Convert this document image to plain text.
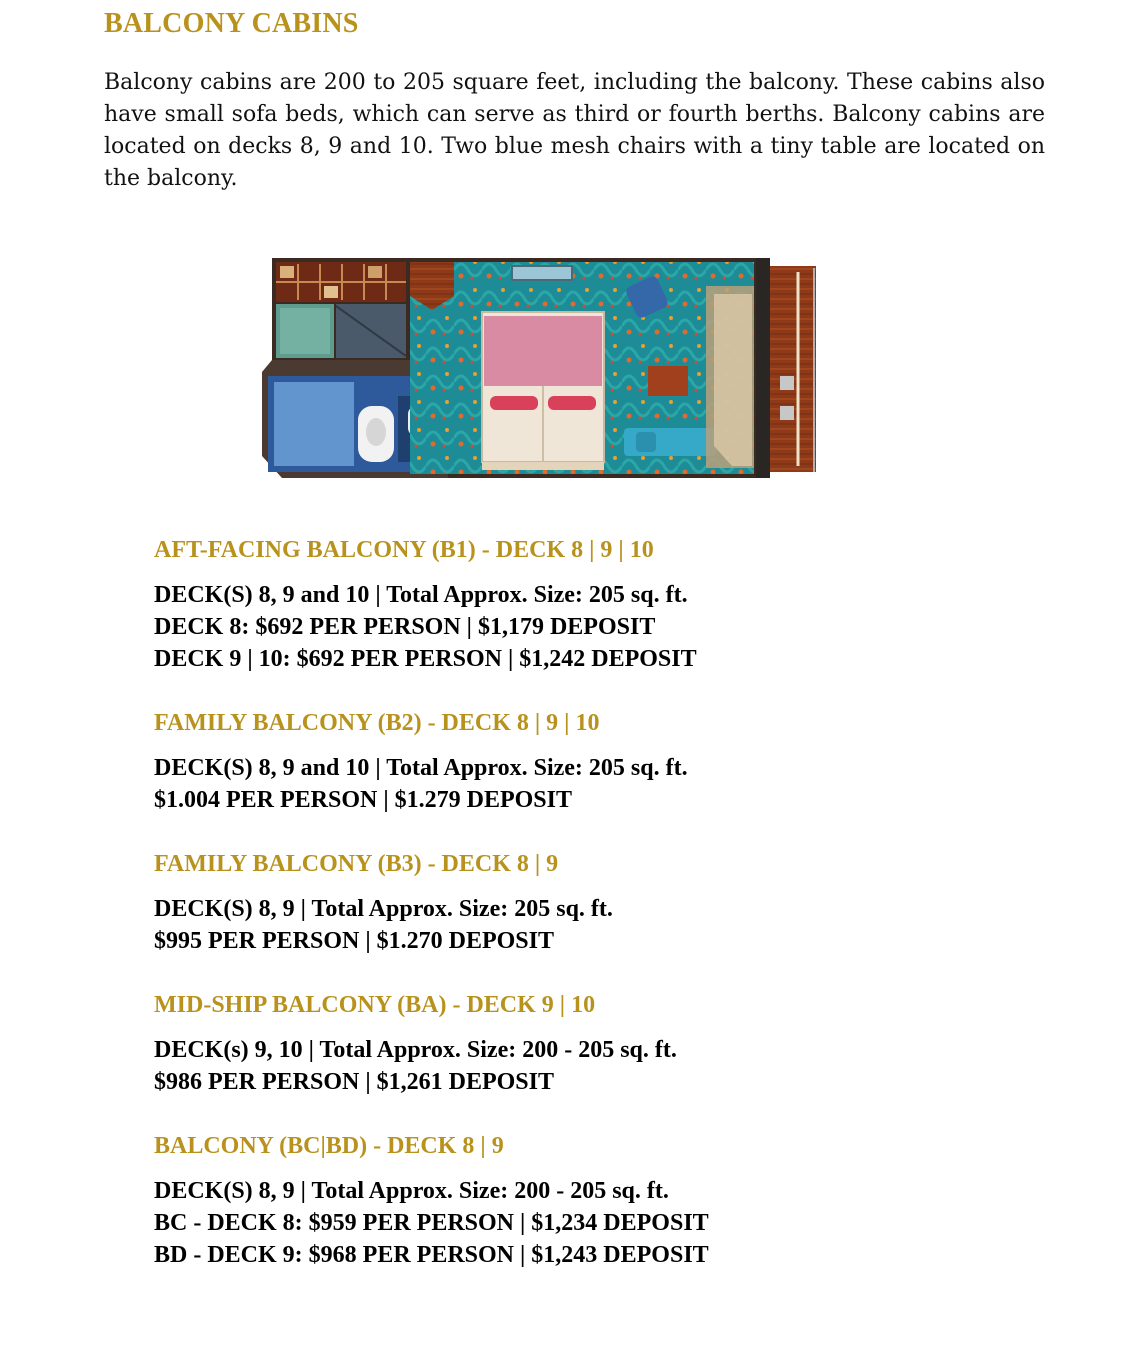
BALCONY CABINS
Balcony cabins are 200 to 205 square feet, including the balcony. These cabins also have small sofa beds, which can serve as third or fourth berths. Balcony cabins are located on decks 8, 9 and 10. Two blue mesh chairs with a tiny table are located on the balcony.
AFT-FACING BALCONY (B1) - DECK 8 | 9 | 10
DECK(S) 8, 9 and 10 | Total Approx. Size: 205 sq. ft.
DECK 8: $692 PER PERSON | $1,179 DEPOSIT
DECK 9 | 10: $692 PER PERSON | $1,242 DEPOSIT
FAMILY BALCONY (B2) - DECK 8 | 9 | 10
DECK(S) 8, 9 and 10 | Total Approx. Size: 205 sq. ft.
$1.004 PER PERSON | $1.279 DEPOSIT
FAMILY BALCONY (B3) - DECK 8 | 9
DECK(S) 8, 9 | Total Approx. Size: 205 sq. ft.
$995 PER PERSON | $1.270 DEPOSIT
MID-SHIP BALCONY (BA) - DECK 9 | 10
DECK(s) 9, 10 | Total Approx. Size: 200 - 205 sq. ft.
$986 PER PERSON | $1,261 DEPOSIT
BALCONY (BC|BD) - DECK 8 | 9
DECK(S) 8, 9 | Total Approx. Size: 200 - 205 sq. ft.
BC - DECK 8: $959 PER PERSON | $1,234 DEPOSIT
BD - DECK 9: $968 PER PERSON | $1,243 DEPOSIT
